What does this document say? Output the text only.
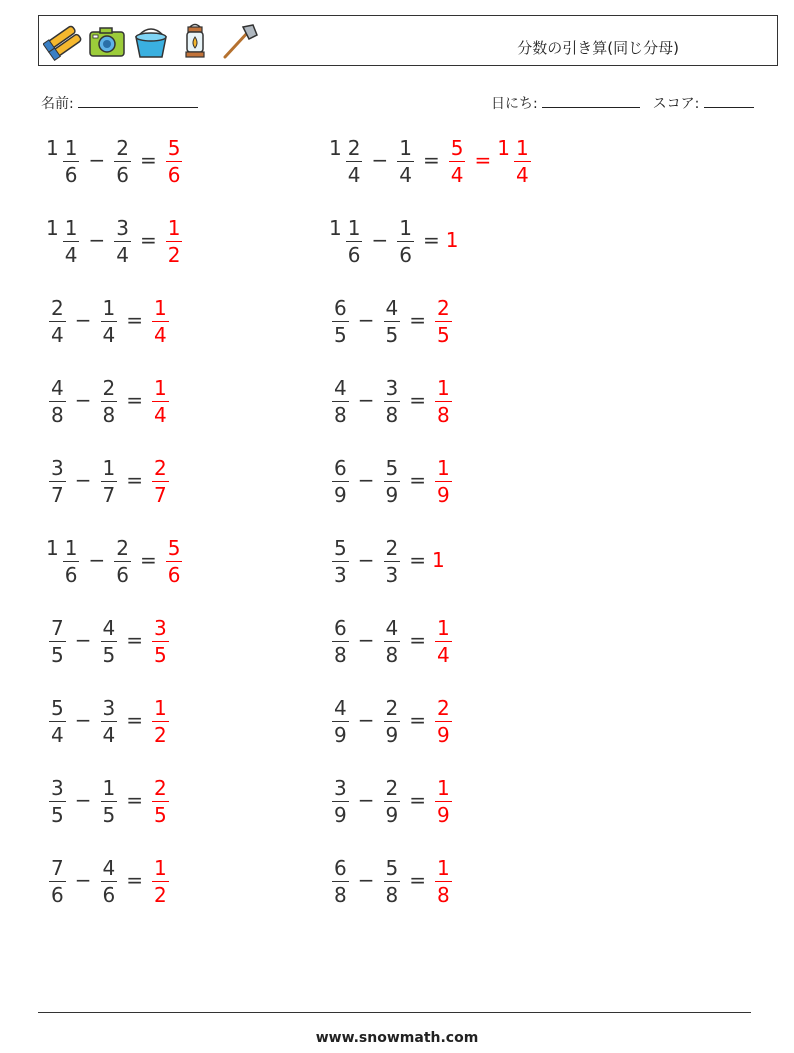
分数の引き算(同じ分母)
名前:	日にち:	スコア:
$1 \frac{1}{6} - \frac{2}{6} = \frac{5}{6}$
$1 \frac{1}{4} - \frac{3}{4} = \frac{1}{2}$
$\frac{2}{4} - \frac{1}{4} = \frac{1}{4}$
$\frac{4}{8} - \frac{2}{8} = \frac{1}{4}$
$\frac{3}{7} - \frac{1}{7} = \frac{2}{7}$
$1 \frac{1}{6} - \frac{2}{6} = \frac{5}{6}$
$\frac{7}{5} - \frac{4}{5} = \frac{3}{5}$
$\frac{5}{4} - \frac{3}{4} = \frac{1}{2}$
$\frac{3}{5} - \frac{1}{5} = \frac{2}{5}$
$\frac{7}{6} - \frac{4}{6} = \frac{1}{2}$
$1 \frac{2}{4} - \frac{1}{4} = \frac{5}{4}$ =
$1 \frac{1}{4}$
$1 \frac{1}{6} - \frac{1}{6} = 1$
$\frac{6}{5} - \frac{4}{5} = \frac{2}{5}$
$\frac{4}{8} - \frac{3}{8} = \frac{1}{8}$
$\frac{6}{9} - \frac{5}{9} = \frac{1}{9}$
$\frac{5}{3} - \frac{2}{3} = 1$
$\frac{6}{8} - \frac{4}{8} = \frac{1}{4}$
$\frac{4}{9} - \frac{2}{9} = \frac{2}{9}$
$\frac{3}{9} - \frac{2}{9} = \frac{1}{9}$
$\frac{6}{8} - \frac{5}{8} = \frac{1}{8}$
www.snowmath.com
